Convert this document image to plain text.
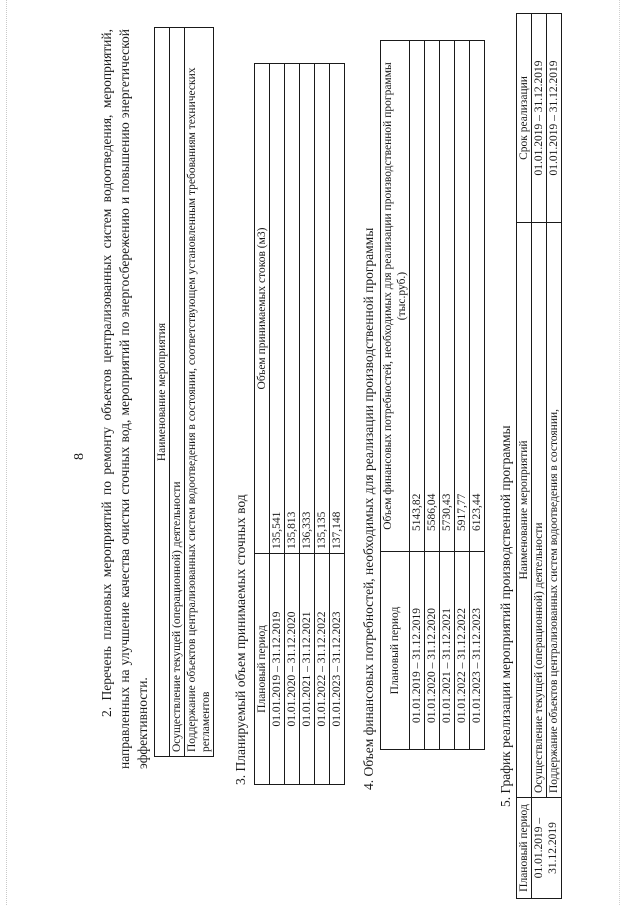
8 2. Перечень плановых мероприятий по ремонту объектов централизованных систем водоотведения, мероприятий, направленных на улучшение качества очистки сточных вод, мероприятий по энергосбережению и повышению энергетической эффективности.
Наименование мероприятия
Осуществление текущей (операционной) деятельности
Поддержание объектов централизованных систем водоотведения в состоянии, соответствующем установленным требованиям технических регламентов 3. Планируемый объем принимаемых сточных вод Плановый период	Объем принимаемых стоков (м3)
01.01.2019 – 31.12.2019	135,541
01.01.2020 – 31.12.2020	135,813
01.01.2021 – 31.12.2021	136,333
01.01.2022 – 31.12.2022	135,135
01.01.2023 – 31.12.2023	137,148 4. Объем финансовых потребностей, необходимых для реализации производственной программы Плановый период	Объем финансовых потребностей, необходимых для реализации производственной программы (тыс.руб.)
01.01.2019 – 31.12.2019	5143,82
01.01.2020 – 31.12.2020	5586,04
01.01.2021 – 31.12.2021	5730,43
01.01.2022 – 31.12.2022	5917,77
01.01.2023 – 31.12.2023	6123,44 5. График реализации мероприятий производственной программы
Плановый период	Наименование мероприятий	Срок реализации
01.01.2019 – 31.12.2019	Осуществление текущей (операционной) деятельности	01.01.2019 – 31.12.2019
	Поддержание объектов централизованных систем водоотведения в состоянии,	01.01.2019 – 31.12.2019
